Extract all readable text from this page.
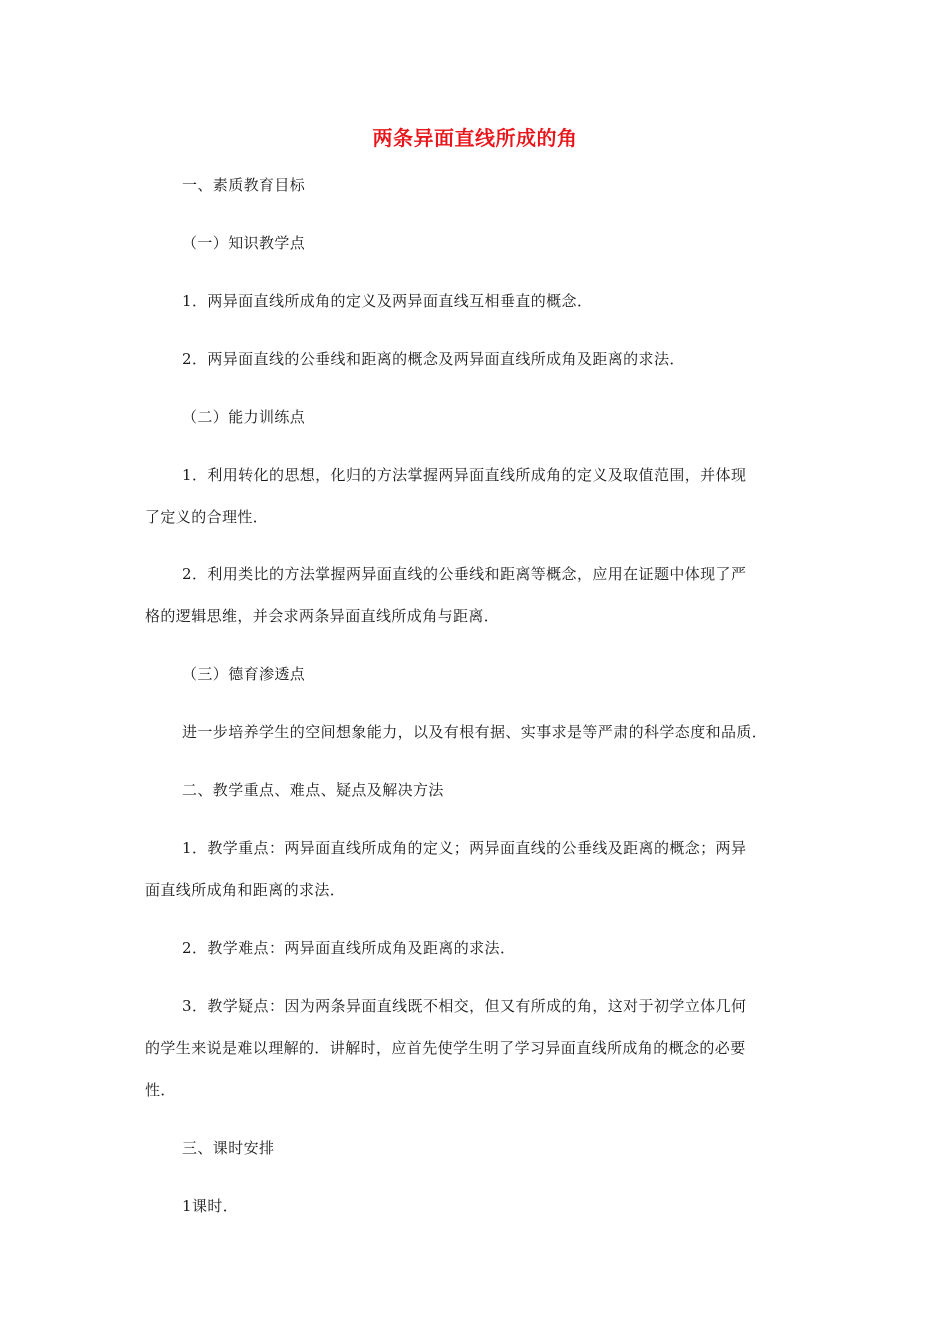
两条异面直线所成的角
一、素质教育目标
（一）知识教学点
1．两异面直线所成角的定义及两异面直线互相垂直的概念．
2．两异面直线的公垂线和距离的概念及两异面直线所成角及距离的求法．
（二）能力训练点
1．利用转化的思想，化归的方法掌握两异面直线所成角的定义及取值范围，并体现
了定义的合理性．
2．利用类比的方法掌握两异面直线的公垂线和距离等概念，应用在证题中体现了严
格的逻辑思维，并会求两条异面直线所成角与距离．
（三）德育渗透点
进一步培养学生的空间想象能力，以及有根有据、实事求是等严肃的科学态度和品质．
二、教学重点、难点、疑点及解决方法
1．教学重点：两异面直线所成角的定义；两异面直线的公垂线及距离的概念；两异
面直线所成角和距离的求法．
2．教学难点：两异面直线所成角及距离的求法．
3．教学疑点：因为两条异面直线既不相交，但又有所成的角，这对于初学立体几何
的学生来说是难以理解的．讲解时，应首先使学生明了学习异面直线所成角的概念的必要
性．
三、课时安排
1课时．
